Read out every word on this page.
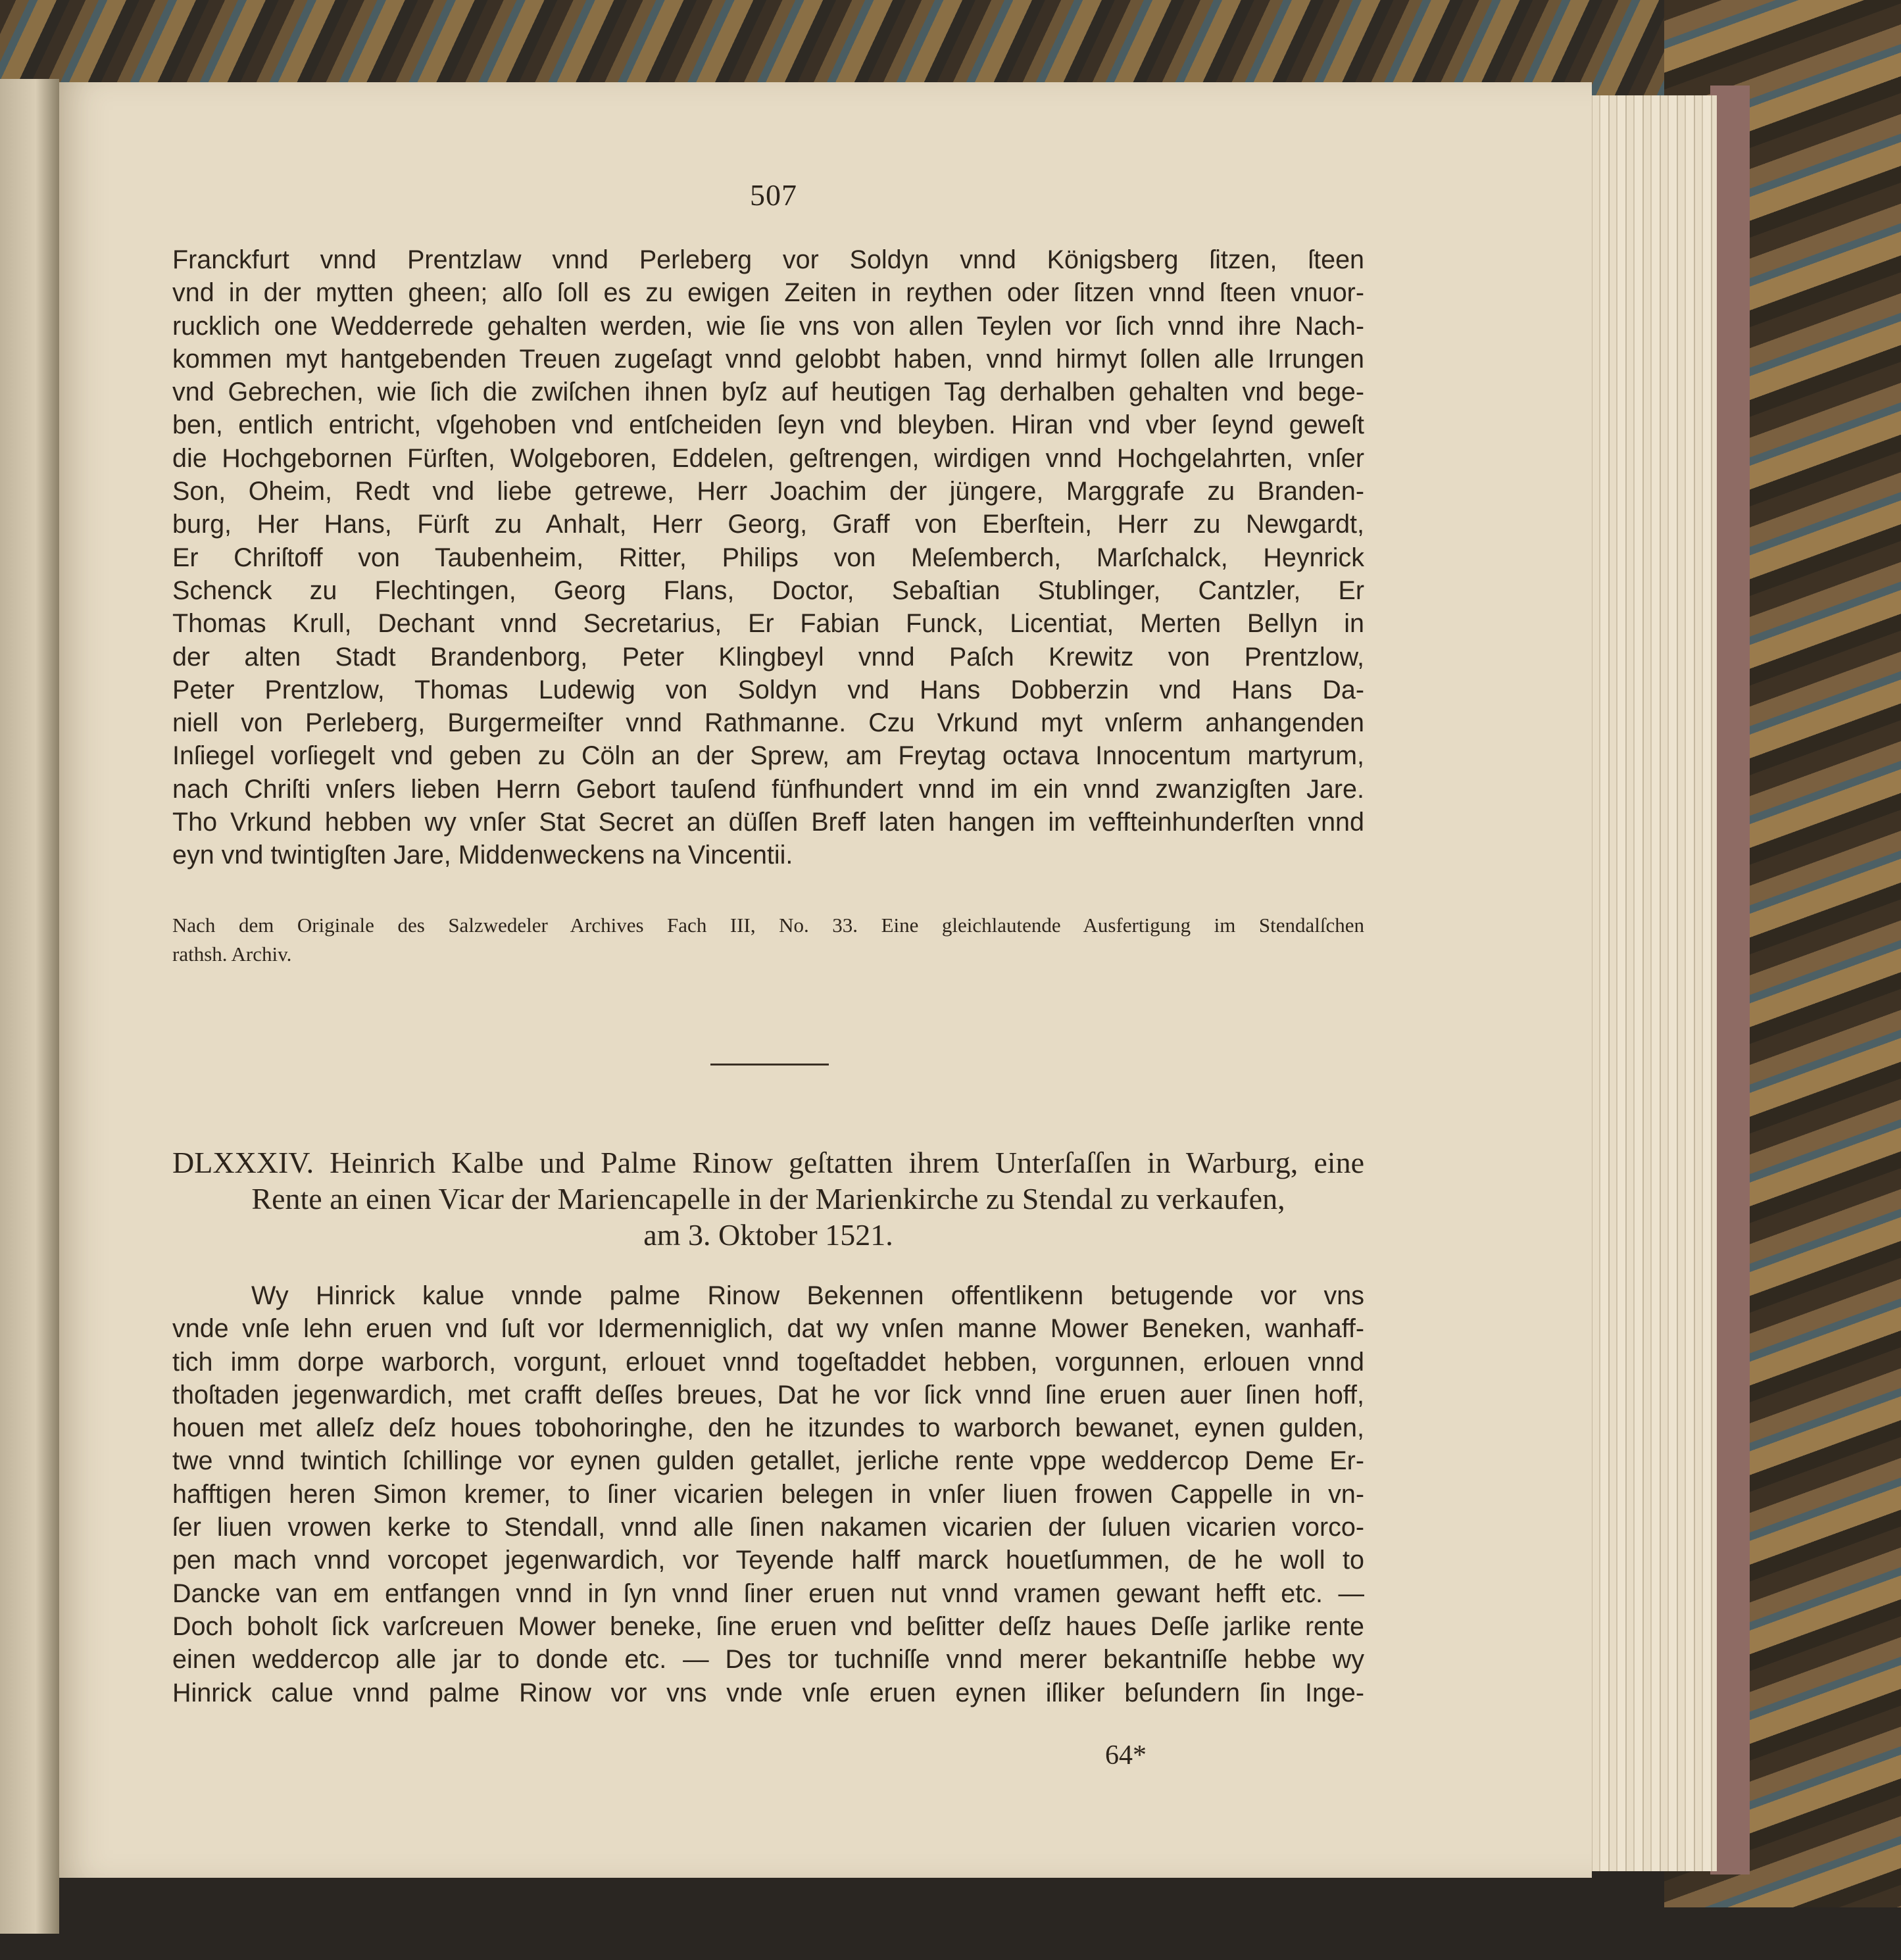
507
Franckfurt vnnd Prentzlaw vnnd Perleberg vor Soldyn vnnd Königsberg ſitzen, ſteen
vnd in der mytten gheen; alſo ſoll es zu ewigen Zeiten in reythen oder ſitzen vnnd ſteen vnuor-
rucklich one Wedderrede gehalten werden, wie ſie vns von allen Teylen vor ſich vnnd ihre Nach-
kommen myt hantgebenden Treuen zugeſagt vnnd gelobbt haben, vnnd hirmyt ſollen alle Irrungen
vnd Gebrechen, wie ſich die zwiſchen ihnen byſz auf heutigen Tag derhalben gehalten vnd bege-
ben, entlich entricht, vſgehoben vnd entſcheiden ſeyn vnd bleyben. Hiran vnd vber ſeynd geweſt
die Hochgebornen Fürſten, Wolgeboren, Eddelen, geſtrengen, wirdigen vnnd Hochgelahrten, vnſer
Son, Oheim, Redt vnd liebe getrewe, Herr Joachim der jüngere, Marggrafe zu Branden-
burg, Her Hans, Fürſt zu Anhalt, Herr Georg, Graff von Eberſtein, Herr zu Newgardt,
Er Chriſtoff von Taubenheim, Ritter, Philips von Meſemberch, Marſchalck, Heynrick
Schenck zu Flechtingen, Georg Flans, Doctor, Sebaſtian Stublinger, Cantzler, Er
Thomas Krull, Dechant vnnd Secretarius, Er Fabian Funck, Licentiat, Merten Bellyn in
der alten Stadt Brandenborg, Peter Klingbeyl vnnd Paſch Krewitz von Prentzlow,
Peter Prentzlow, Thomas Ludewig von Soldyn vnd Hans Dobberzin vnd Hans Da-
niell von Perleberg, Burgermeiſter vnnd Rathmanne. Czu Vrkund myt vnſerm anhangenden
Inſiegel vorſiegelt vnd geben zu Cöln an der Sprew, am Freytag octava Innocentum martyrum,
nach Chriſti vnſers lieben Herrn Gebort tauſend fünfhundert vnnd im ein vnnd zwanzigſten Jare.
Tho Vrkund hebben wy vnſer Stat Secret an düſſen Breff laten hangen im veffteinhunderſten vnnd
eyn vnd twintigſten Jare, Middenweckens na Vincentii.
Nach dem Originale des Salzwedeler Archives Fach III, No. 33. Eine gleichlautende Ausfertigung im Stendalſchen
rathsh. Archiv.
DLXXXIV. Heinrich Kalbe und Palme Rinow geſtatten ihrem Unterſaſſen in Warburg, eine
Rente an einen Vicar der Mariencapelle in der Marienkirche zu Stendal zu verkaufen,
am 3. Oktober 1521.
Wy Hinrick kalue vnnde palme Rinow Bekennen offentlikenn betugende vor vns
vnde vnſe lehn eruen vnd ſuſt vor Idermenniglich, dat wy vnſen manne Mower Beneken, wanhaff-
tich imm dorpe warborch, vorgunt, erlouet vnnd togeſtaddet hebben, vorgunnen, erlouen vnnd
thoſtaden jegenwardich, met crafft deſſes breues, Dat he vor ſick vnnd ſine eruen auer ſinen hoff,
houen met alleſz deſz houes tobohoringhe, den he itzundes to warborch bewanet, eynen gulden,
twe vnnd twintich ſchillinge vor eynen gulden getallet, jerliche rente vppe weddercop Deme Er-
hafftigen heren Simon kremer, to ſiner vicarien belegen in vnſer liuen frowen Cappelle in vn-
ſer liuen vrowen kerke to Stendall, vnnd alle ſinen nakamen vicarien der ſuluen vicarien vorco-
pen mach vnnd vorcopet jegenwardich, vor Teyende halff marck houetſummen, de he woll to
Dancke van em entfangen vnnd in ſyn vnnd ſiner eruen nut vnnd vramen gewant hefft etc. —
Doch boholt ſick varſcreuen Mower beneke, ſine eruen vnd beſitter deſſz haues Deſſe jarlike rente
einen weddercop alle jar to donde etc. — Des tor tuchniſſe vnnd merer bekantniſſe hebbe wy
Hinrick calue vnnd palme Rinow vor vns vnde vnſe eruen eynen iſliker beſundern ſin Inge-
64*
